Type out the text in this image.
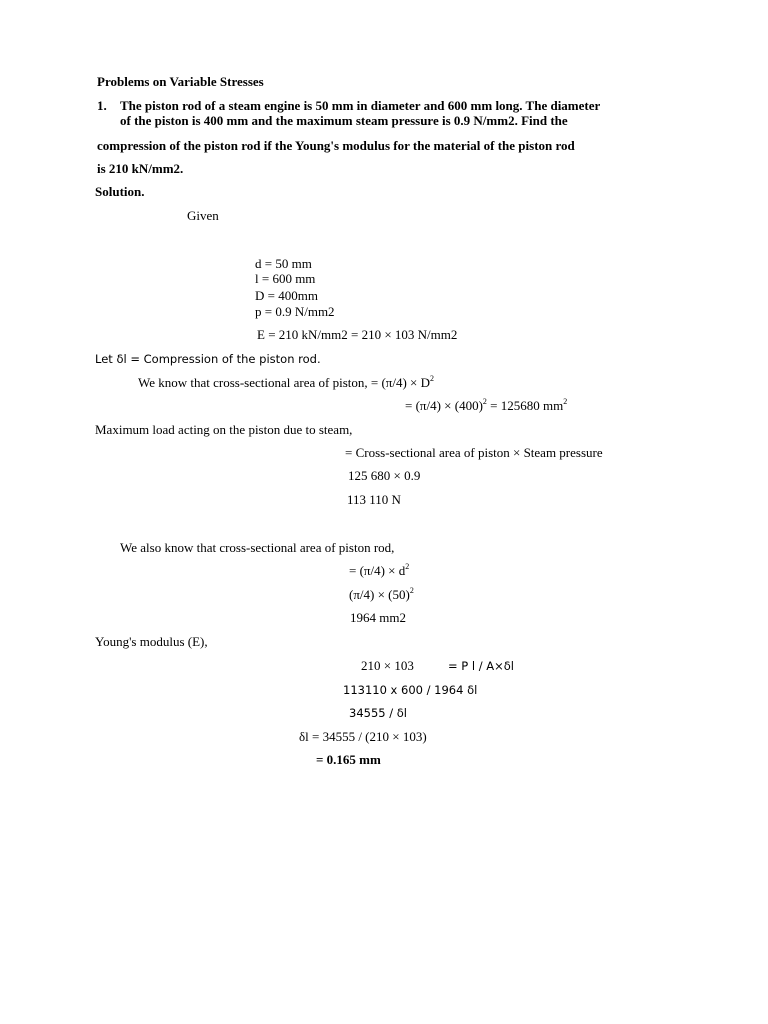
Problems on Variable Stresses
1. The piston rod of a steam engine is 50 mm in diameter and 600 mm long. The diameter
of the piston is 400 mm and the maximum steam pressure is 0.9 N/mm2. Find the
compression of the piston rod if the Young's modulus for the material of the piston rod
is 210 kN/mm2.
Solution.
Given
d = 50 mm
l = 600 mm
D = 400mm
p = 0.9 N/mm2
E = 210 kN/mm2 = 210 × 103 N/mm2
Let δl = Compression of the piston rod.
We know that cross-sectional area of piston, = $(\pi/4) \times D^2$
= $(\pi/4) \times (400)^2 = 125680$ $mm^2$
Maximum load acting on the piston due to steam,
= Cross-sectional area of piston × Steam pressure
125 680 × 0.9
113 110 N
We also know that cross-sectional area of piston rod,
= $(\pi/4) \times d^2$
$(\pi/4) \times (50)^2$
1964 mm2
Young's modulus (E),
210 × 103	= P l / A×δl
113110 x 600 / 1964 δl
34555 / δl
δl = 34555 / (210 × 103)
= 0.165 mm
